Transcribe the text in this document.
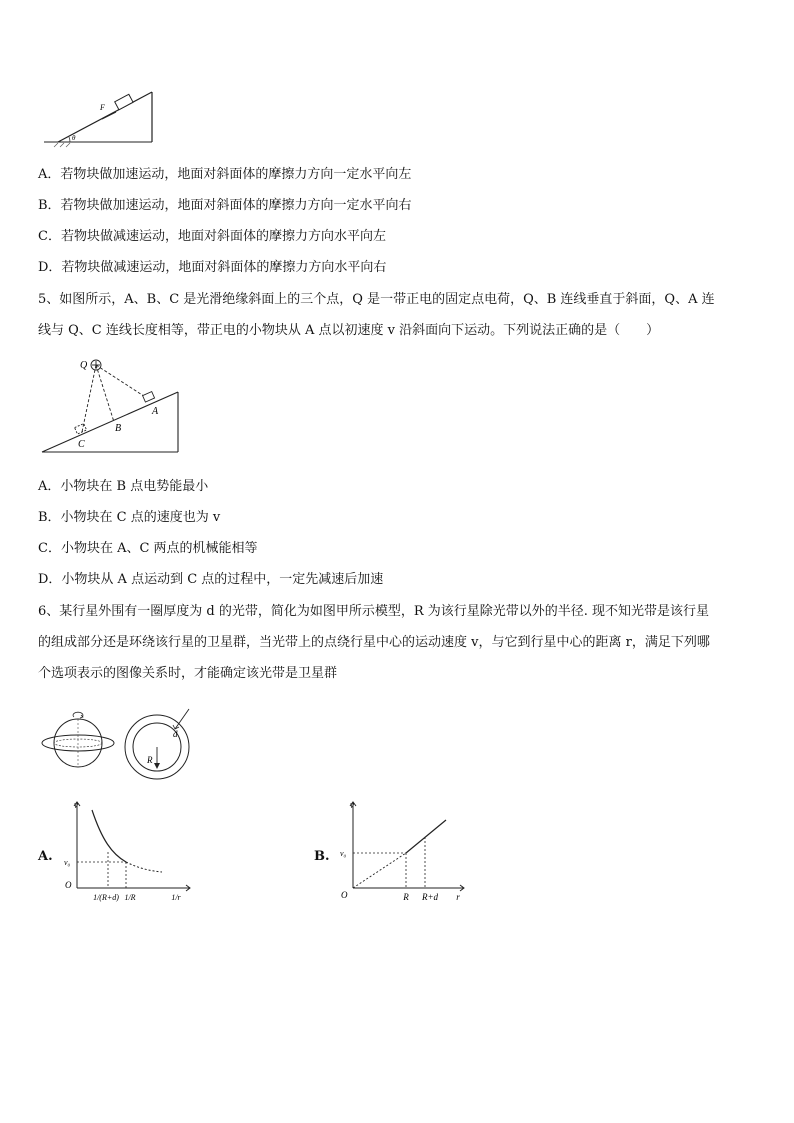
F
θ
A．若物块做加速运动，地面对斜面体的摩擦力方向一定水平向左
B．若物块做加速运动，地面对斜面体的摩擦力方向一定水平向右
C．若物块做减速运动，地面对斜面体的摩擦力方向水平向左
D．若物块做减速运动，地面对斜面体的摩擦力方向水平向右
5、如图所示，A、B、C 是光滑绝缘斜面上的三个点，Q 是一带正电的固定点电荷，Q、B 连线垂直于斜面，Q、A 连
线与 Q、C 连线长度相等，带正电的小物块从 A 点以初速度 v 沿斜面向下运动。下列说法正确的是（　　）
Q
A
B
C
A．小物块在 B 点电势能最小
B．小物块在 C 点的速度也为 v
C．小物块在 A、C 两点的机械能相等
D．小物块从 A 点运动到 C 点的过程中，一定先减速后加速
6、某行星外围有一圈厚度为 d 的光带，简化为如图甲所示模型，R 为该行星除光带以外的半径. 现不知光带是该行星
的组成部分还是环绕该行星的卫星群，当光带上的点绕行星中心的运动速度 v，与它到行星中心的距离 r，满足下列哪
个选项表示的图像关系时，才能确定该光带是卫星群
R
d
A.
v
O
v₀
1/(R+d) 1/R	1/r
B.
v
O
v₀
R R+d r
